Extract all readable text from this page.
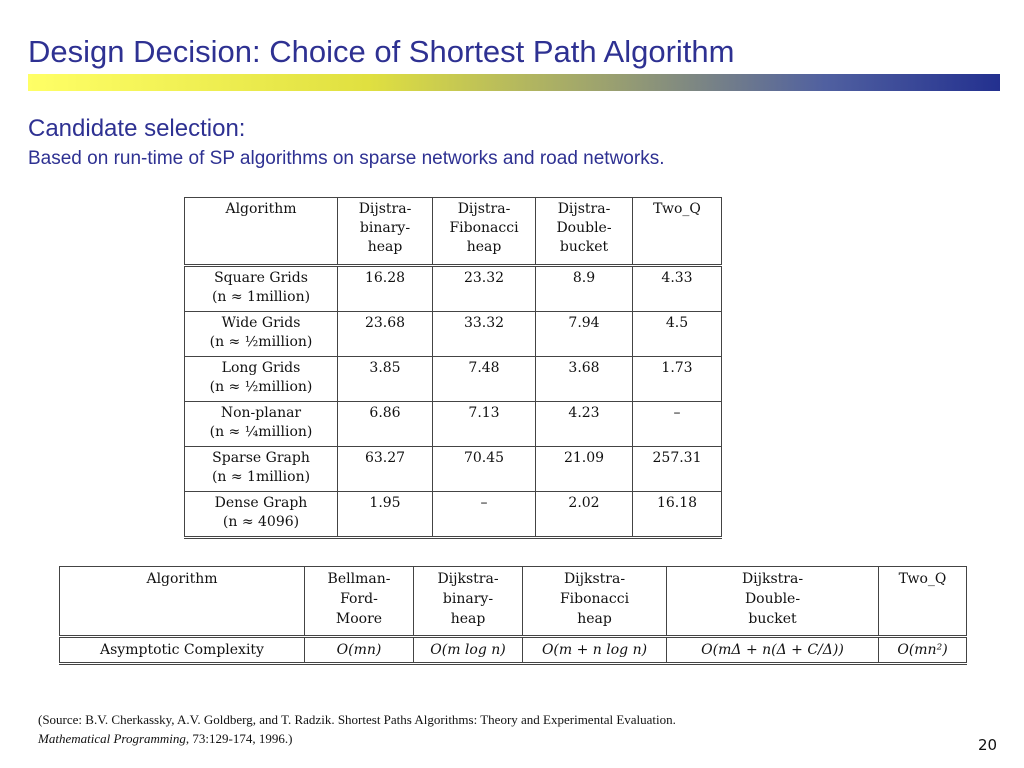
Design Decision: Choice of Shortest Path Algorithm
Candidate selection:
Based on run-time of SP algorithms on sparse networks and road networks.
Algorithm	Dijstra-
binary-
heap	Dijstra-
Fibonacci
heap	Dijstra-
Double-
bucket	Two_Q

Square Grids
(n ≈ 1million)	16.28	23.32	8.9	4.33

Wide Grids
(n ≈ ½million)	23.68	33.32	7.94	4.5

Long Grids
(n ≈ ½million)	3.85	7.48	3.68	1.73

Non-planar
(n ≈ ¼million)	6.86	7.13	4.23	–

Sparse Graph
(n ≈ 1million)	63.27	70.45	21.09	257.31

Dense Graph
(n ≈ 4096)	1.95	–	2.02	16.18
Algorithm	Bellman-
Ford-
Moore	Dijkstra-
binary-
heap	Dijkstra-
Fibonacci
heap	Dijkstra-
Double-
bucket	Two_Q
Asymptotic Complexity	O(mn)	O(m log n)	O(m + n log n)	O(mΔ + n(Δ + C/Δ))	O(mn²)
(Source: B.V. Cherkassky, A.V. Goldberg, and T. Radzik. Shortest Paths Algorithms: Theory and Experimental Evaluation.
Mathematical Programming, 73:129-174, 1996.)	20
